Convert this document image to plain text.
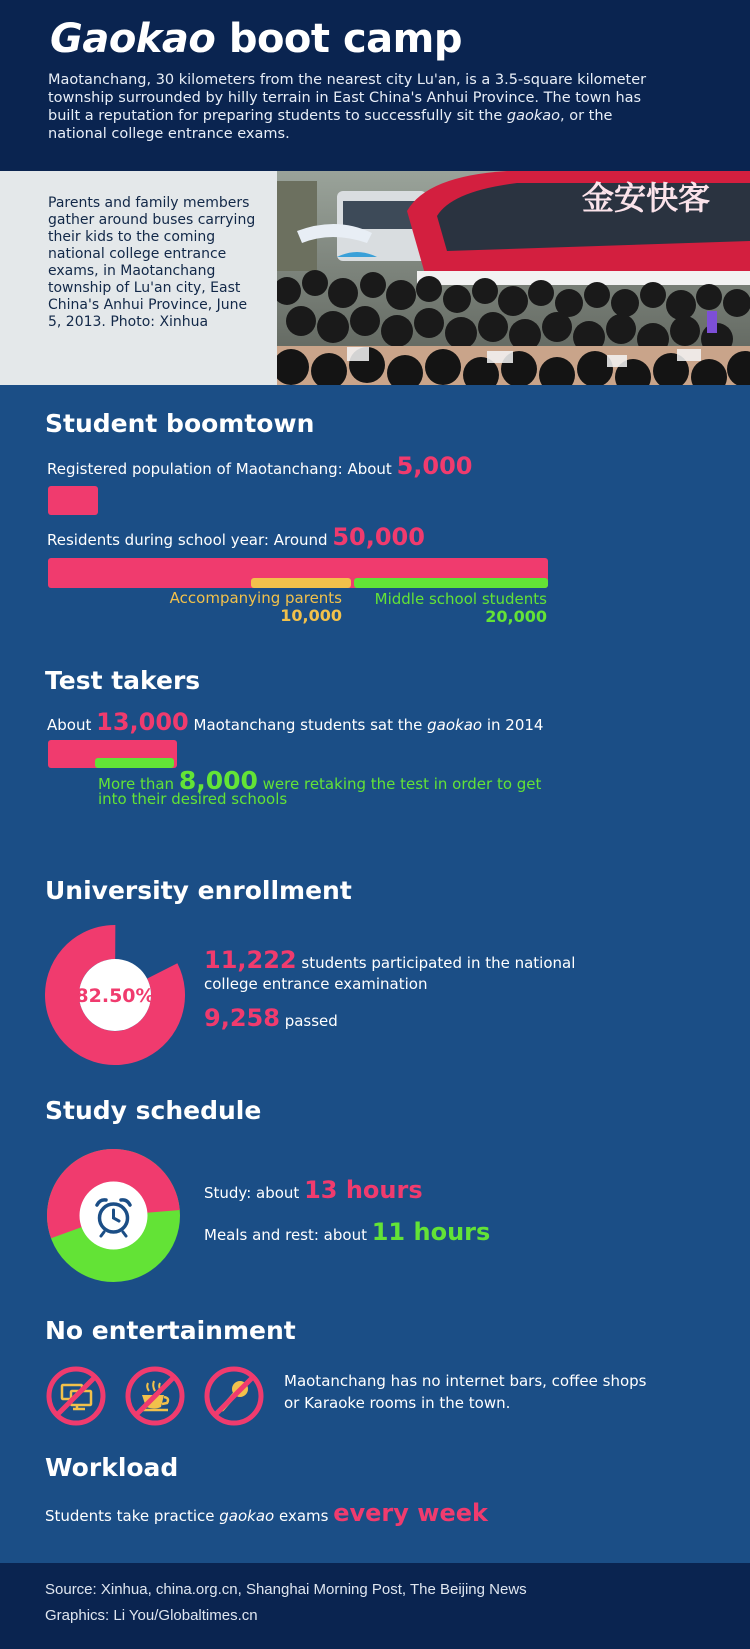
Gaokao boot camp
Maotanchang, 30 kilometers from the nearest city Lu'an, is a 3.5-square kilometer township surrounded by hilly terrain in East China's Anhui Province. The town has built a reputation for preparing students to successfully sit the gaokao, or the national college entrance exams.
Parents and family members gather around buses carrying their kids to the coming national college entrance exams, in Maotanchang township of Lu'an city, East China's Anhui Province, June 5, 2013. Photo: Xinhua
金安快客
Student boomtown
Registered population of Maotanchang: About 5,000
Residents during school year: Around 50,000
Accompanying parents
10,000
Middle school students
20,000
Test takers
About 13,000 Maotanchang students sat the gaokao in 2014
More than 8,000 were retaking the test in order to get
into their desired schools
University enrollment
82.50%
11,222 students participated in the national
college entrance examination
9,258 passed
Study schedule
Study: about 13 hours
Meals and rest: about 11 hours
No entertainment
Maotanchang has no internet bars, coffee shops
or Karaoke rooms in the town.
Workload
Students take practice gaokao exams every week
Source: Xinhua, china.org.cn, Shanghai Morning Post, The Beijing News
Graphics: Li You/Globaltimes.cn
